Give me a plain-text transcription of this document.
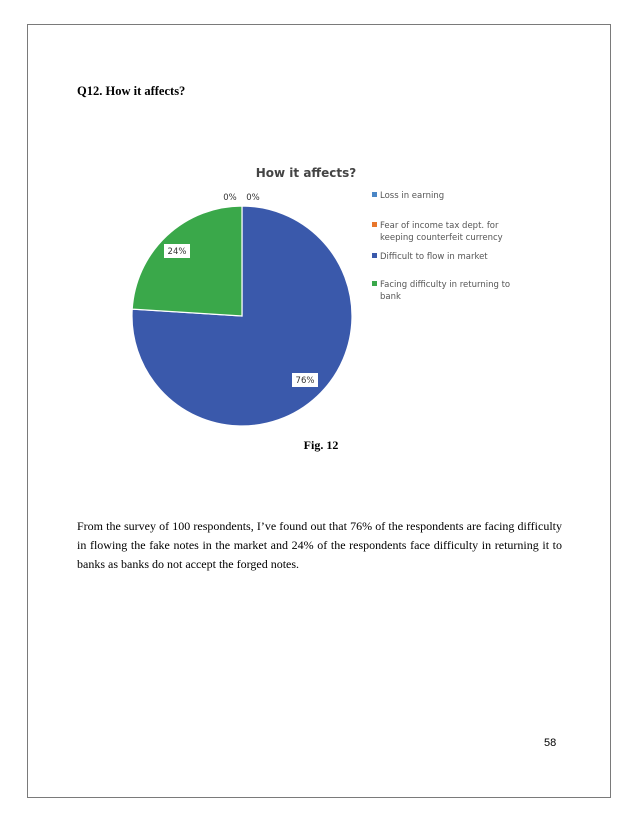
Q12. How it affects?
How it affects?
0% 0%
76%
24%
Loss in earning
Fear of income tax dept. for
keeping counterfeit currency
Difficult to flow in market
Facing difficulty in returning to
bank
Fig. 12
From the survey of 100 respondents, I’ve found out that 76% of the respondents are facing difficulty in flowing the fake notes in the market and 24% of the respondents face difficulty in returning it to banks as banks do not accept the forged notes.
58
